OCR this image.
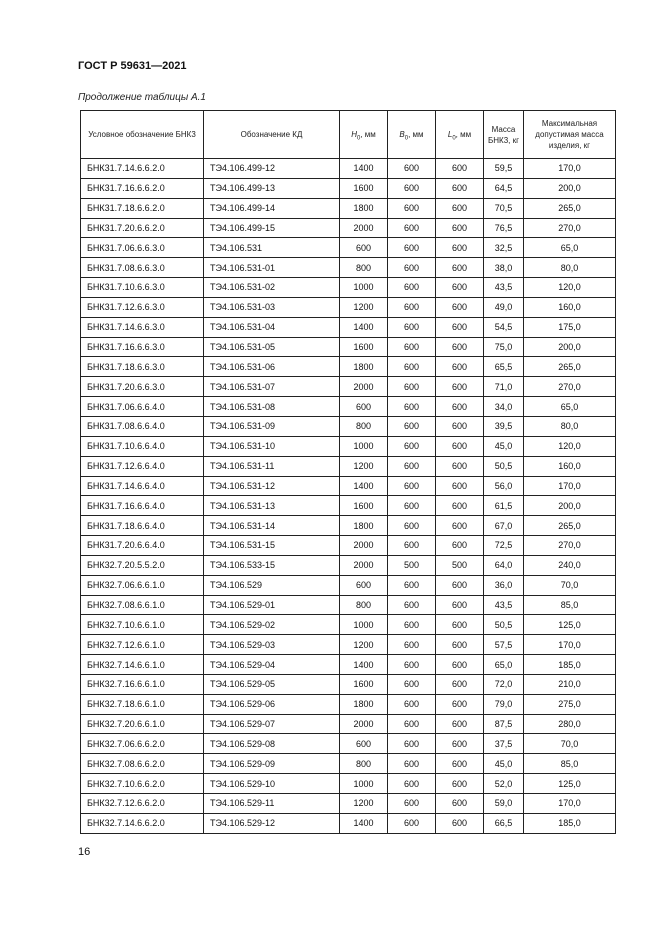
ГОСТ Р 59631—2021
Продолжение таблицы А.1
Условное обозначение БНК3	Обозначение КД	$H_0$, мм	$B_0$, мм	$L_0$, мм	Масса БНК3, кг	Максимальная допустимая масса изделия, кг
БНК31.7.14.6.6.2.0	ТЭ4.106.499-12	1400	600	600	59,5	170,0
БНК31.7.16.6.6.2.0	ТЭ4.106.499-13	1600	600	600	64,5	200,0
БНК31.7.18.6.6.2.0	ТЭ4.106.499-14	1800	600	600	70,5	265,0
БНК31.7.20.6.6.2.0	ТЭ4.106.499-15	2000	600	600	76,5	270,0
БНК31.7.06.6.6.3.0	ТЭ4.106.531	600	600	600	32,5	65,0
БНК31.7.08.6.6.3.0	ТЭ4.106.531-01	800	600	600	38,0	80,0
БНК31.7.10.6.6.3.0	ТЭ4.106.531-02	1000	600	600	43,5	120,0
БНК31.7.12.6.6.3.0	ТЭ4.106.531-03	1200	600	600	49,0	160,0
БНК31.7.14.6.6.3.0	ТЭ4.106.531-04	1400	600	600	54,5	175,0
БНК31.7.16.6.6.3.0	ТЭ4.106.531-05	1600	600	600	75,0	200,0
БНК31.7.18.6.6.3.0	ТЭ4.106.531-06	1800	600	600	65,5	265,0
БНК31.7.20.6.6.3.0	ТЭ4.106.531-07	2000	600	600	71,0	270,0
БНК31.7.06.6.6.4.0	ТЭ4.106.531-08	600	600	600	34,0	65,0
БНК31.7.08.6.6.4.0	ТЭ4.106.531-09	800	600	600	39,5	80,0
БНК31.7.10.6.6.4.0	ТЭ4.106.531-10	1000	600	600	45,0	120,0
БНК31.7.12.6.6.4.0	ТЭ4.106.531-11	1200	600	600	50,5	160,0
БНК31.7.14.6.6.4.0	ТЭ4.106.531-12	1400	600	600	56,0	170,0
БНК31.7.16.6.6.4.0	ТЭ4.106.531-13	1600	600	600	61,5	200,0
БНК31.7.18.6.6.4.0	ТЭ4.106.531-14	1800	600	600	67,0	265,0
БНК31.7.20.6.6.4.0	ТЭ4.106.531-15	2000	600	600	72,5	270,0
БНК32.7.20.5.5.2.0	ТЭ4.106.533-15	2000	500	500	64,0	240,0
БНК32.7.06.6.6.1.0	ТЭ4.106.529	600	600	600	36,0	70,0
БНК32.7.08.6.6.1.0	ТЭ4.106.529-01	800	600	600	43,5	85,0
БНК32.7.10.6.6.1.0	ТЭ4.106.529-02	1000	600	600	50,5	125,0
БНК32.7.12.6.6.1.0	ТЭ4.106.529-03	1200	600	600	57,5	170,0
БНК32.7.14.6.6.1.0	ТЭ4.106.529-04	1400	600	600	65,0	185,0
БНК32.7.16.6.6.1.0	ТЭ4.106.529-05	1600	600	600	72,0	210,0
БНК32.7.18.6.6.1.0	ТЭ4.106.529-06	1800	600	600	79,0	275,0
БНК32.7.20.6.6.1.0	ТЭ4.106.529-07	2000	600	600	87,5	280,0
БНК32.7.06.6.6.2.0	ТЭ4.106.529-08	600	600	600	37,5	70,0
БНК32.7.08.6.6.2.0	ТЭ4.106.529-09	800	600	600	45,0	85,0
БНК32.7.10.6.6.2.0	ТЭ4.106.529-10	1000	600	600	52,0	125,0
БНК32.7.12.6.6.2.0	ТЭ4.106.529-11	1200	600	600	59,0	170,0
БНК32.7.14.6.6.2.0	ТЭ4.106.529-12	1400	600	600	66,5	185,0
16
